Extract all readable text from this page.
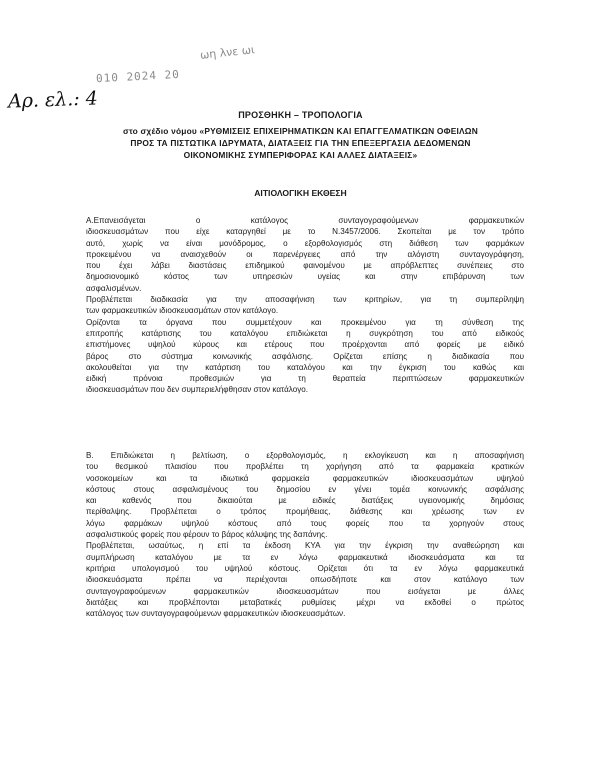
ωη λνε ωι
010 2024 20
Αρ. ελ.: 4
ΠΡΟΣΘΗΚΗ – ΤΡΟΠΟΛΟΓΙΑ
στο σχέδιο νόμου «ΡΥΘΜΙΣΕΙΣ ΕΠΙΧΕΙΡΗΜΑΤΙΚΩΝ ΚΑΙ ΕΠΑΓΓΕΛΜΑΤΙΚΩΝ ΟΦΕΙΛΩΝ
ΠΡΟΣ ΤΑ ΠΙΣΤΩΤΙΚΑ ΙΔΡΥΜΑΤΑ, ΔΙΑΤΑΞΕΙΣ ΓΙΑ ΤΗΝ ΕΠΕΞΕΡΓΑΣΙΑ ΔΕΔΟΜΕΝΩΝ
ΟΙΚΟΝΟΜΙΚΗΣ ΣΥΜΠΕΡΙΦΟΡΑΣ ΚΑΙ ΑΛΛΕΣ ΔΙΑΤΑΞΕΙΣ»
ΑΙΤΙΟΛΟΓΙΚΗ ΕΚΘΕΣΗ
Α.Επανεισάγεται ο κατάλογος συνταγογραφούμενων φαρμακευτικών
ιδιοσκευασμάτων που είχε καταργηθεί με το Ν.3457/2006. Σκοπείται με τον τρόπο
αυτό, χωρίς να είναι μονόδρομος, ο εξορθολογισμός στη διάθεση των φαρμάκων
προκειμένου να αναισχεθούν οι παρενέργειες από την αλόγιστη συνταγογράφηση,
που έχει λάβει διαστάσεις επιδημικού φαινομένου με απρόβλεπτες συνέπειες στο
δημοσιονομικό κόστος των υπηρεσιών υγείας και στην επιβάρυνση των
ασφαλισμένων.
Προβλέπεται διαδικασία για την αποσαφήνιση των κριτηρίων, για τη συμπερίληψη
των φαρμακευτικών ιδιοσκευασμάτων στον κατάλογο.
Ορίζονται τα όργανα που συμμετέχουν και προκειμένου για τη σύνθεση της
επιτροπής κατάρτισης του καταλόγου επιδιώκεται η συγκρότηση του από ειδικούς
επιστήμονες υψηλού κύρους και ετέρους που προέρχονται από φορείς με ειδικό
βάρος στο σύστημα κοινωνικής ασφάλισης. Ορίζεται επίσης η διαδικασία που
ακολουθείται για την κατάρτιση του καταλόγου και την έγκριση του καθώς και
ειδική πρόνοια προθεσμιών για τη θεραπεία περιπτώσεων φαρμακευτικών
ιδιοσκευασμάτων που δεν συμπεριελήφθησαν στον κατάλογο.
Β. Επιδιώκεται η βελτίωση, ο εξορθολογισμός, η εκλογίκευση και η αποσαφήνιση
του θεσμικού πλαισίου που προβλέπει τη χορήγηση από τα φαρμακεία κρατικών
νοσοκομείων και τα ιδιωτικά φαρμακεία φαρμακευτικών ιδιοσκευασμάτων υψηλού
κόστους στους ασφαλισμένους του δημοσίου εν γένει τομέα κοινωνικής ασφάλισης
και καθενός που δικαιούται με ειδικές διατάξεις υγειονομικής δημόσιας
περίθαλψης. Προβλέπεται ο τρόπος προμήθειας, διάθεσης και χρέωσης των εν
λόγω φαρμάκων υψηλού κόστους από τους φορείς που τα χορηγούν στους
ασφαλιστικούς φορείς που φέρουν το βάρος κάλυψης της δαπάνης.
Προβλέπεται, ωσαύτως, η επί τα έκδοση ΚΥΑ για την έγκριση την αναθεώρηση και
συμπλήρωση καταλόγου με τα εν λόγω φαρμακευτικά ιδιοσκευάσματα και τα
κριτήρια υπολογισμού του υψηλού κόστους. Ορίζεται ότι τα εν λόγω φαρμακευτικά
ιδιοσκευάσματα πρέπει να περιέχονται οπωσδήποτε και στον κατάλογο των
συνταγογραφούμενων φαρμακευτικών ιδιοσκευασμάτων που εισάγεται με άλλες
διατάξεις και προβλέπονται μεταβατικές ρυθμίσεις μέχρι να εκδοθεί ο πρώτος
κατάλογος των συνταγογραφούμενων φαρμακευτικών ιδιοσκευασμάτων.
